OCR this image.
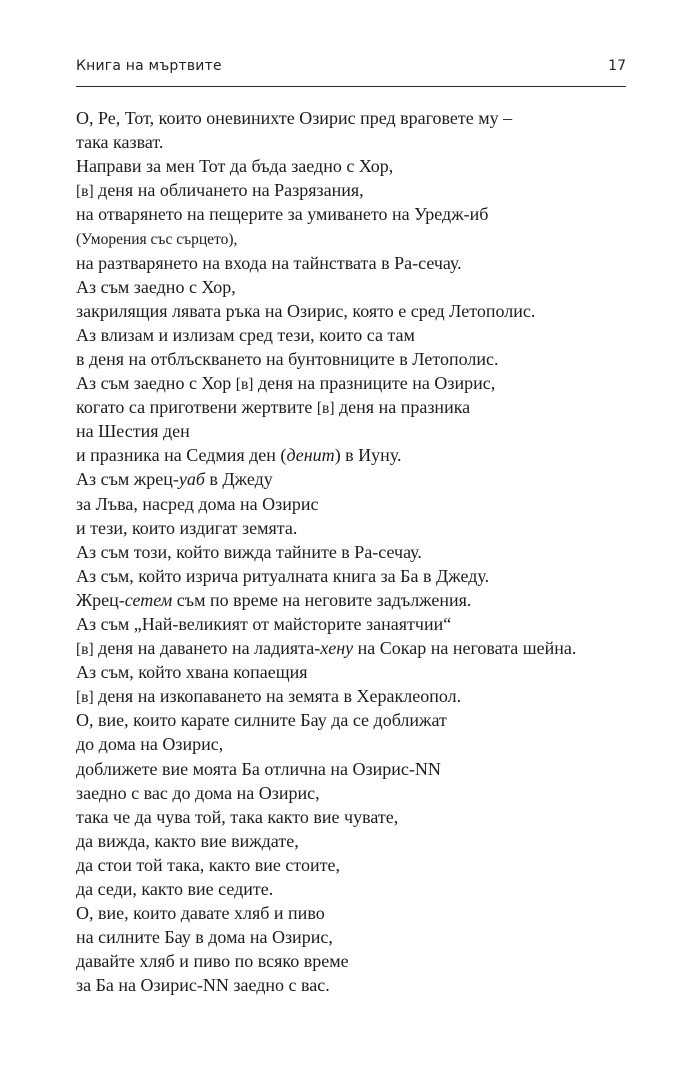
Книга на мъртвите	17
О, Ре, Тот, които оневинихте Озирис пред враговете му –
така казват.
Направи за мен Тот да бъда заедно с Хор,
[в] деня на обличането на Разрязания,
на отварянето на пещерите за умиването на Уредж-иб
(Уморения със сърцето),
на разтварянето на входа на тайнствата в Ра-сечау.
Аз съм заедно с Хор,
закрилящия лявата ръка на Озирис, която е сред Летополис.
Аз влизам и излизам сред тези, които са там
в деня на отблъскването на бунтовниците в Летополис.
Аз съм заедно с Хор [в] деня на празниците на Озирис,
когато са приготвени жертвите [в] деня на празника
на Шестия ден
и празника на Седмия ден (денит) в Иуну.
Аз съм жрец-уаб в Джеду
за Лъва, насред дома на Озирис
и тези, които издигат земята.
Аз съм този, който вижда тайните в Ра-сечау.
Аз съм, който изрича ритуалната книга за Ба в Джеду.
Жрец-сетем съм по време на неговите задължения.
Аз съм „Най-великият от майсторите занаятчии“
[в] деня на даването на ладията-хену на Сокар на неговата шейна.
Аз съм, който хвана копаещия
[в] деня на изкопаването на земята в Хераклеопол.
О, вие, които карате силните Бау да се доближат
до дома на Озирис,
доближете вие моята Ба отлична на Озирис-NN
заедно с вас до дома на Озирис,
така че да чува той, така както вие чувате,
да вижда, както вие виждате,
да стои той така, както вие стоите,
да седи, както вие седите.
О, вие, които давате хляб и пиво
на силните Бау в дома на Озирис,
давайте хляб и пиво по всяко време
за Ба на Озирис-NN заедно с вас.
